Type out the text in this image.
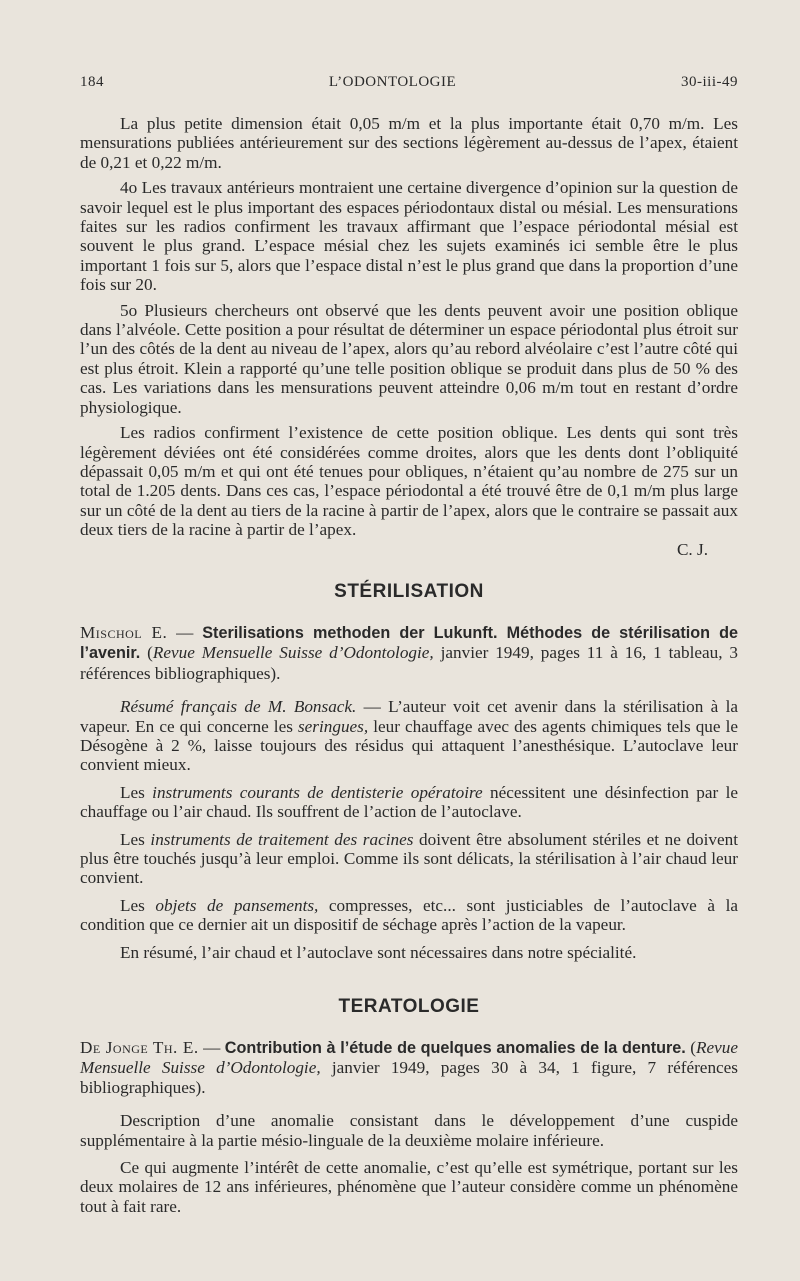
184	L’ODONTOLOGIE	30-iii-49

La plus petite dimension était 0,05 m/m et la plus importante était 0,70 m/m. Les mensurations publiées antérieurement sur des sections légèrement au-dessus de l’apex, étaient de 0,21 et 0,22 m/m.

4o Les travaux antérieurs montraient une certaine divergence d’opinion sur la question de savoir lequel est le plus important des espaces périodontaux distal ou mésial. Les mensurations faites sur les radios confirment les travaux affirmant que l’espace périodontal mésial est souvent le plus grand. L’espace mésial chez les sujets examinés ici semble être le plus important 1 fois sur 5, alors que l’espace distal n’est le plus grand que dans la proportion d’une fois sur 20.

5o Plusieurs chercheurs ont observé que les dents peuvent avoir une position oblique dans l’alvéole. Cette position a pour résultat de déterminer un espace périodontal plus étroit sur l’un des côtés de la dent au niveau de l’apex, alors qu’au rebord alvéolaire c’est l’autre côté qui est plus étroit. Klein a rapporté qu’une telle position oblique se produit dans plus de 50 % des cas. Les variations dans les mensurations peuvent atteindre 0,06 m/m tout en restant d’ordre physiologique.

Les radios confirment l’existence de cette position oblique. Les dents qui sont très légèrement déviées ont été considérées comme droites, alors que les dents dont l’obliquité dépassait 0,05 m/m et qui ont été tenues pour obliques, n’étaient qu’au nombre de 275 sur un total de 1.205 dents. Dans ces cas, l’espace périodontal a été trouvé être de 0,1 m/m plus large sur un côté de la dent au tiers de la racine à partir de l’apex, alors que le contraire se passait aux deux tiers de la racine à partir de l’apex.

C. J.

STÉRILISATION
Mischol E. — Sterilisations methoden der Lukunft. Méthodes de stérilisation de l’avenir. (Revue Mensuelle Suisse d’Odontologie, janvier 1949, pages 11 à 16, 1 tableau, 3 références bibliographiques).

Résumé français de M. Bonsack. — L’auteur voit cet avenir dans la stérilisation à la vapeur. En ce qui concerne les seringues, leur chauffage avec des agents chimiques tels que le Désogène à 2 %, laisse toujours des résidus qui attaquent l’anesthésique. L’autoclave leur convient mieux.

Les instruments courants de dentisterie opératoire nécessitent une désinfection par le chauffage ou l’air chaud. Ils souffrent de l’action de l’autoclave.

Les instruments de traitement des racines doivent être absolument stériles et ne doivent plus être touchés jusqu’à leur emploi. Comme ils sont délicats, la stérilisation à l’air chaud leur convient.

Les objets de pansements, compresses, etc... sont justiciables de l’autoclave à la condition que ce dernier ait un dispositif de séchage après l’action de la vapeur.

En résumé, l’air chaud et l’autoclave sont nécessaires dans notre spécialité.

TERATOLOGIE
De Jonge Th. E. — Contribution à l’étude de quelques anomalies de la denture. (Revue Mensuelle Suisse d’Odontologie, janvier 1949, pages 30 à 34, 1 figure, 7 références bibliographiques).

Description d’une anomalie consistant dans le développement d’une cuspide supplémentaire à la partie mésio-linguale de la deuxième molaire inférieure.

Ce qui augmente l’intérêt de cette anomalie, c’est qu’elle est symétrique, portant sur les deux molaires de 12 ans inférieures, phénomène que l’auteur considère comme un phénomène tout à fait rare.
